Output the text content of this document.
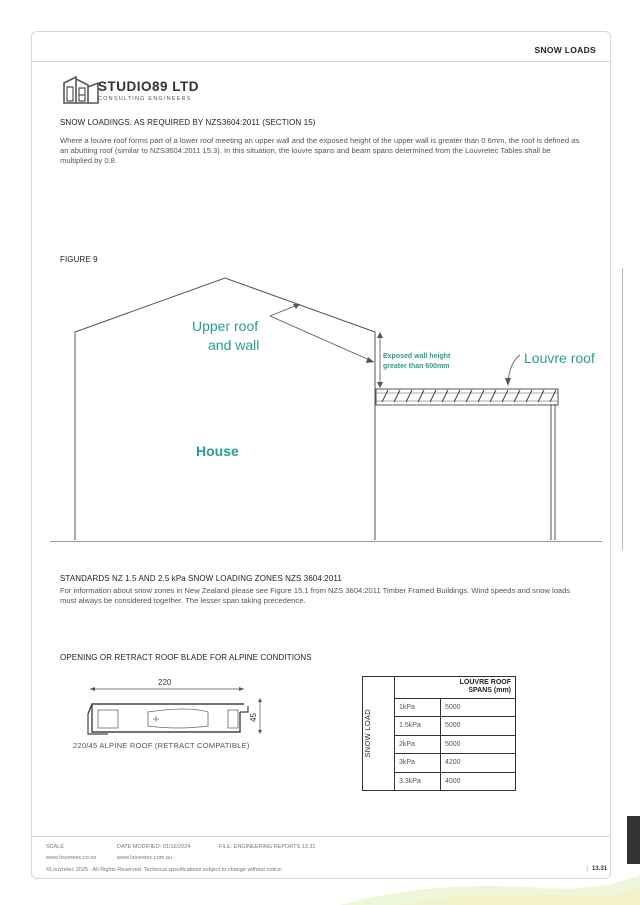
SNOW LOADS
STUDIO89 LTD
CONSULTING ENGINEERS
SNOW LOADINGS. AS REQUIRED BY NZS3604:2011 (SECTION 15)
Where a louvre roof forms part of a lower roof meeting an upper wall and the exposed height of the upper wall is greater than 0.6mm, the roof is defined as an abutting roof (similar to NZS3604:2011 15.3). In this situation, the louvre spans and beam spans determined from the Louvretec Tables shall be multiplied by 0.8.
FIGURE 9
Upper roof
and wall
Exposed wall height
greater than 600mm
Louvre roof
House
STANDARDS NZ 1.5 AND 2.5 kPa SNOW LOADING ZONES NZS 3604:2011
For information about snow zones in New Zealand please see Figure 15.1 from NZS 3604:2011 Timber Framed Buildings. Wind speeds and snow loads must always be considered together. The lesser span taking precedence.
OPENING OR RETRACT ROOF BLADE FOR ALPINE CONDITIONS
220
45
220/45 ALPINE ROOF (RETRACT COMPATIBLE)	SNOW LOAD	LOUVRE ROOF
SPANS (mm)	

	1kPa	5000
	1.5kPa	5000
	2kPa	5000
	3kPa	4200
	3.3kPa	4000
SCALE	DATE MODIFIED: 01/10/2024	FILE: ENGINEERING REPORTS 13.31
www.louvretec.co.nz	www.louvretec.com.au
©Louvretec 2025 - All Rights Reserved. Technical specifications subject to change without notice.	| 13.31
